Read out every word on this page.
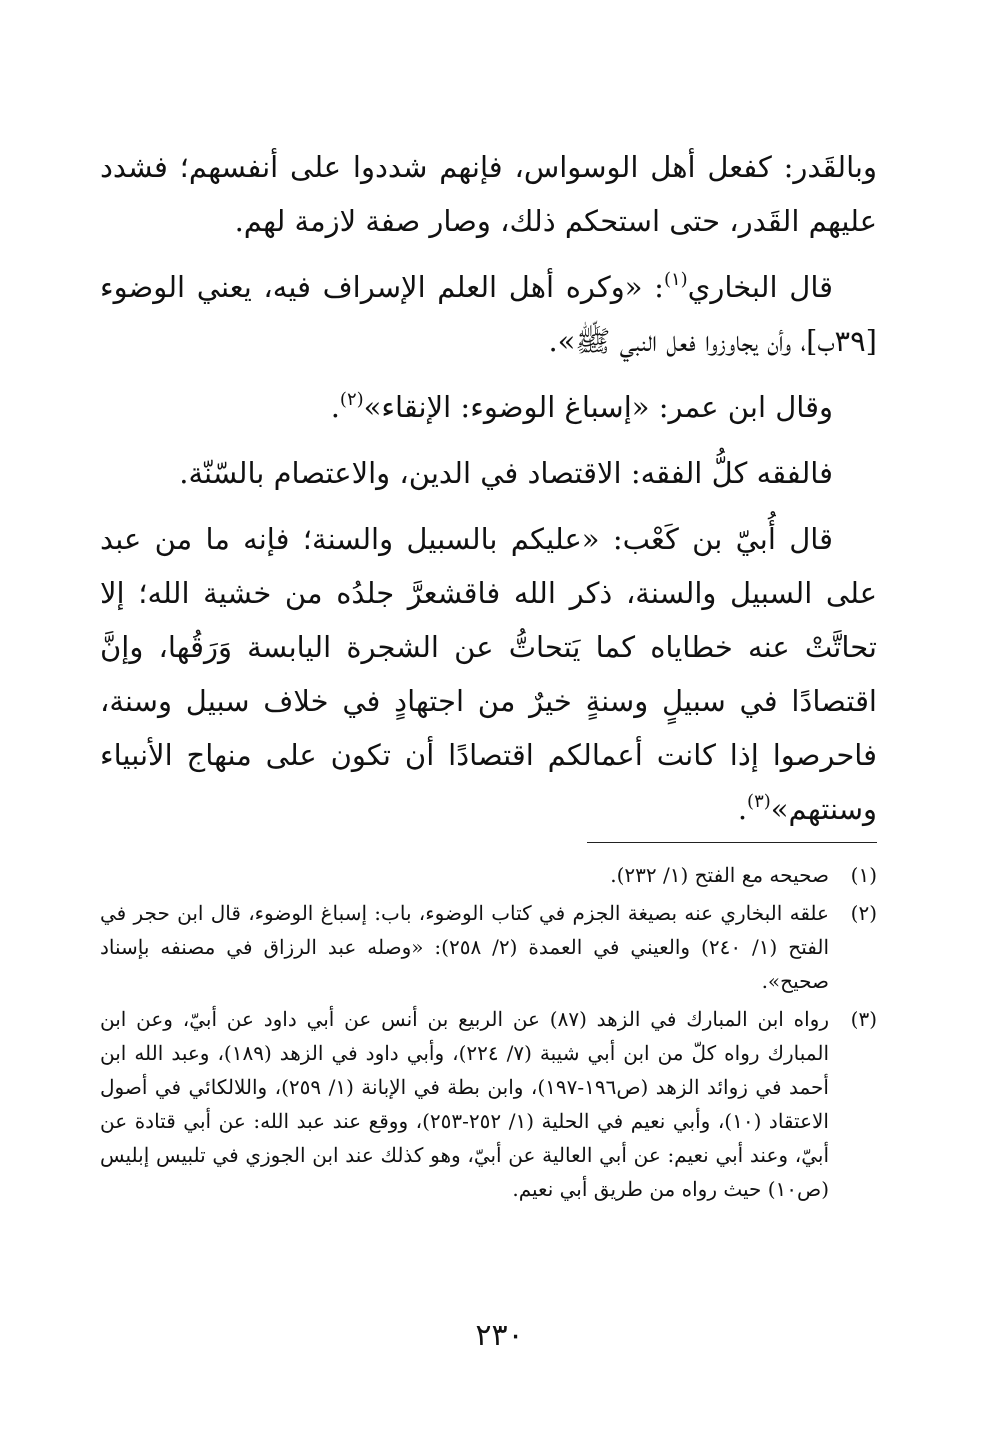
وبالقَدر: كفعل أهل الوسواس، فإنهم شددوا على أنفسهم؛ فشدد عليهم القَدر، حتى استحكم ذلك، وصار صفة لازمة لهم.

قال البخاري$^{(١)}$: «وكره أهل العلم الإسراف فيه، يعني الوضوء [٣٩ب]، وأن يجاوزوا فعل النبي ﷺ».

وقال ابن عمر: «إسباغ الوضوء: الإنقاء»$^{(٢)}$.

فالفقه كلُّ الفقه: الاقتصاد في الدين، والاعتصام بالسّنّة.

قال أُبيّ بن كَعْب: «عليكم بالسبيل والسنة؛ فإنه ما من عبد على السبيل والسنة، ذكر الله فاقشعرَّ جلدُه من خشية الله؛ إلا تحاتَّتْ عنه خطاياه كما يَتحاتُّ عن الشجرة اليابسة وَرَقُها، وإنَّ اقتصادًا في سبيلٍ وسنةٍ خيرٌ من اجتهادٍ في خلاف سبيل وسنة، فاحرصوا إذا كانت أعمالكم اقتصادًا أن تكون على منهاج الأنبياء وسنتهم»$^{(٣)}$.

(١)
صحيحه مع الفتح (١/ ٢٣٢).
(٢)
علقه البخاري عنه بصيغة الجزم في كتاب الوضوء، باب: إسباغ الوضوء، قال ابن حجر في الفتح (١/ ٢٤٠) والعيني في العمدة (٢/ ٢٥٨): «وصله عبد الرزاق في مصنفه بإسناد صحيح».
(٣)
رواه ابن المبارك في الزهد (٨٧) عن الربيع بن أنس عن أبي داود عن أبيّ، وعن ابن المبارك رواه كلّ من ابن أبي شيبة (٧/ ٢٢٤)، وأبي داود في الزهد (١٨٩)، وعبد الله ابن أحمد في زوائد الزهد (ص١٩٦-١٩٧)، وابن بطة في الإبانة (١/ ٢٥٩)، واللالكائي في أصول الاعتقاد (١٠)، وأبي نعيم في الحلية (١/ ٢٥٢-٢٥٣)، ووقع عند عبد الله: عن أبي قتادة عن أبيّ، وعند أبي نعيم: عن أبي العالية عن أبيّ، وهو كذلك عند ابن الجوزي في تلبيس إبليس (ص١٠) حيث رواه من طريق أبي نعيم.
٢٣٠
